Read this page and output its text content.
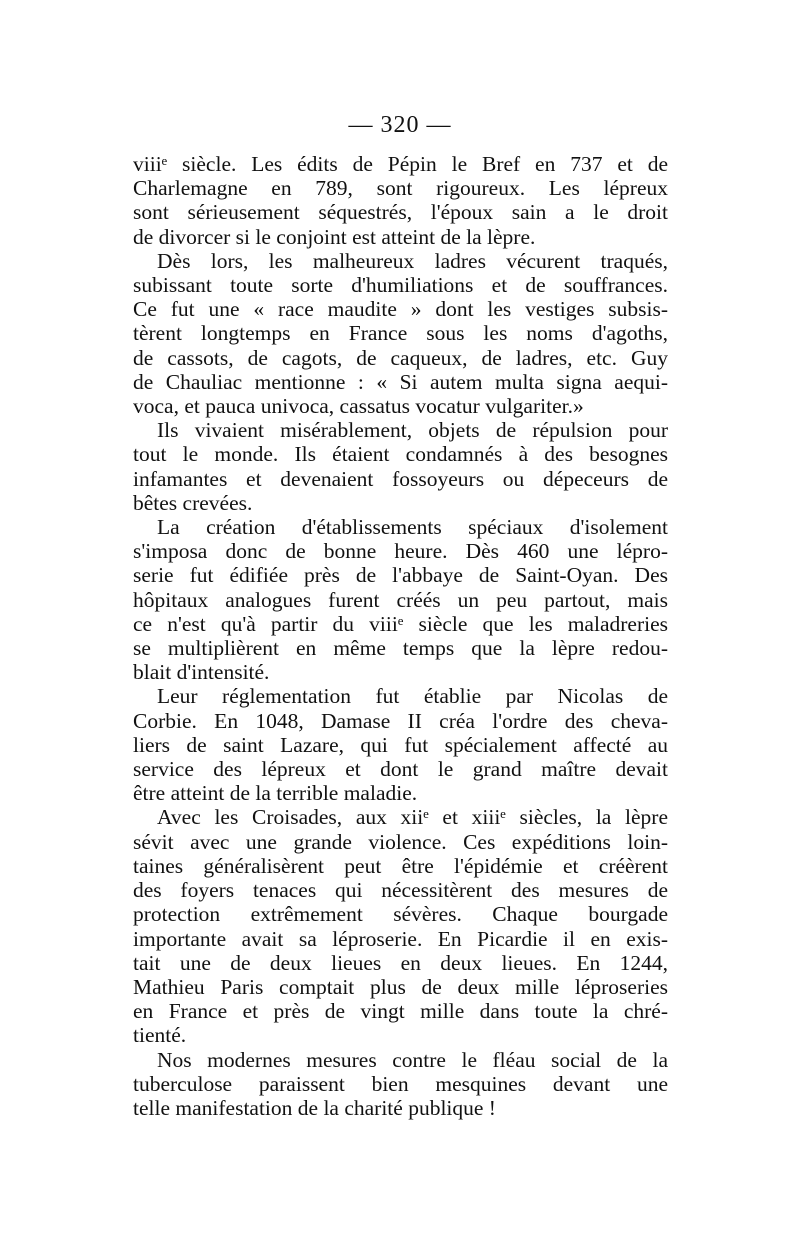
— 320 —
viiiᵉ siècle. Les édits de Pépin le Bref en 737 et de
Charlemagne en 789, sont rigoureux. Les lépreux
sont sérieusement séquestrés, l'époux sain a le droit
de divorcer si le conjoint est atteint de la lèpre.
Dès lors, les malheureux ladres vécurent traqués,
subissant toute sorte d'humiliations et de souffrances.
Ce fut une « race maudite » dont les vestiges subsis-
tèrent longtemps en France sous les noms d'agoths,
de cassots, de cagots, de caqueux, de ladres, etc. Guy
de Chauliac mentionne : « Si autem multa signa aequi-
voca, et pauca univoca, cassatus vocatur vulgariter.»
Ils vivaient misérablement, objets de répulsion pour
tout le monde. Ils étaient condamnés à des besognes
infamantes et devenaient fossoyeurs ou dépeceurs de
bêtes crevées.
La création d'établissements spéciaux d'isolement
s'imposa donc de bonne heure. Dès 460 une lépro-
serie fut édifiée près de l'abbaye de Saint-Oyan. Des
hôpitaux analogues furent créés un peu partout, mais
ce n'est qu'à partir du viiiᵉ siècle que les maladreries
se multiplièrent en même temps que la lèpre redou-
blait d'intensité.
Leur réglementation fut établie par Nicolas de
Corbie. En 1048, Damase II créa l'ordre des cheva-
liers de saint Lazare, qui fut spécialement affecté au
service des lépreux et dont le grand maître devait
être atteint de la terrible maladie.
Avec les Croisades, aux xiiᵉ et xiiiᵉ siècles, la lèpre
sévit avec une grande violence. Ces expéditions loin-
taines généralisèrent peut être l'épidémie et créèrent
des foyers tenaces qui nécessitèrent des mesures de
protection extrêmement sévères. Chaque bourgade
importante avait sa léproserie. En Picardie il en exis-
tait une de deux lieues en deux lieues. En 1244,
Mathieu Paris comptait plus de deux mille léproseries
en France et près de vingt mille dans toute la chré-
tienté.
Nos modernes mesures contre le fléau social de la
tuberculose paraissent bien mesquines devant une
telle manifestation de la charité publique !
